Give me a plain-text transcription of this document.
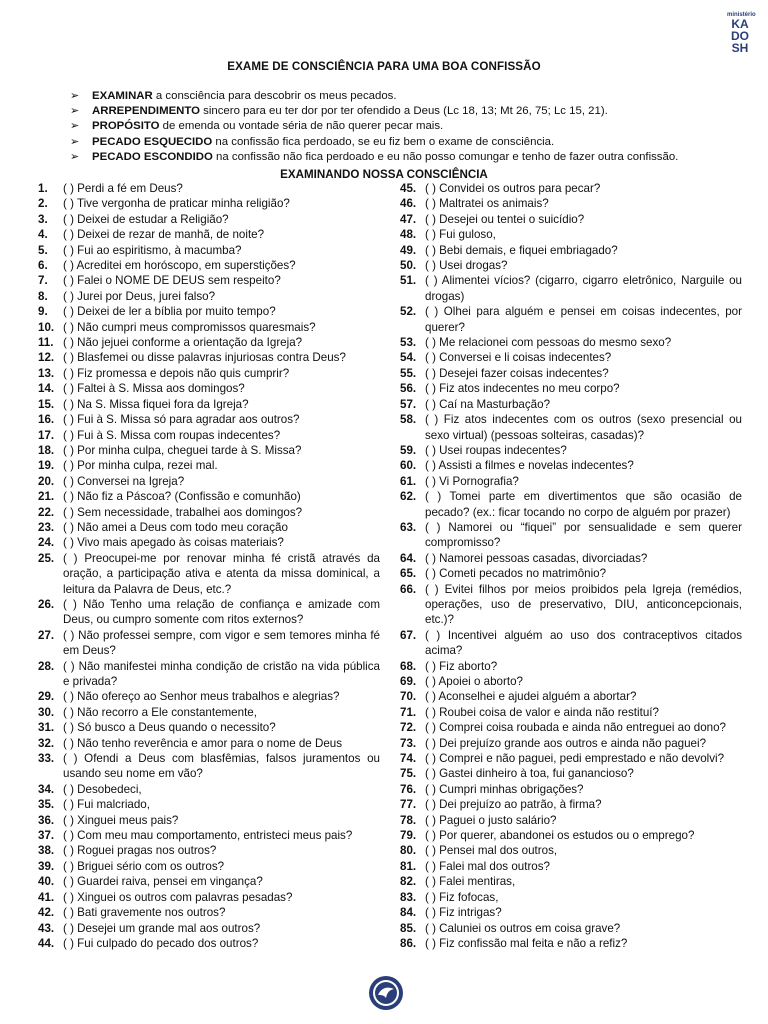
ministério
KA
DO
SH
EXAME DE CONSCIÊNCIA PARA UMA BOA CONFISSÃO
➢ EXAMINAR a consciência para descobrir os meus pecados.
➢ ARREPENDIMENTO sincero para eu ter dor por ter ofendido a Deus (Lc 18, 13; Mt 26, 75; Lc 15, 21).
➢ PROPÓSITO de emenda ou vontade séria de não querer pecar mais.
➢ PECADO ESQUECIDO na confissão fica perdoado, se eu fiz bem o exame de consciência.
➢ PECADO ESCONDIDO na confissão não fica perdoado e eu não posso comungar e tenho de fazer outra confissão.
EXAMINANDO NOSSA CONSCIÊNCIA
1. ( ) Perdi a fé em Deus?
2. ( ) Tive vergonha de praticar minha religião?
3. ( ) Deixei de estudar a Religião?
4. ( ) Deixei de rezar de manhã, de noite?
5. ( ) Fui ao espiritismo, à macumba?
6. ( ) Acreditei em horóscopo, em superstições?
7. ( ) Falei o NOME DE DEUS sem respeito?
8. ( ) Jurei por Deus, jurei falso?
9. ( ) Deixei de ler a bíblia por muito tempo?
10. ( ) Não cumpri meus compromissos quaresmais?
11. ( ) Não jejuei conforme a orientação da Igreja?
12. ( ) Blasfemei ou disse palavras injuriosas contra Deus?
13. ( ) Fiz promessa e depois não quis cumprir?
14. ( ) Faltei à S. Missa aos domingos?
15. ( ) Na S. Missa fiquei fora da Igreja?
16. ( ) Fui à S. Missa só para agradar aos outros?
17. ( ) Fui à S. Missa com roupas indecentes?
18. ( ) Por minha culpa, cheguei tarde à S. Missa?
19. ( ) Por minha culpa, rezei mal.
20. ( ) Conversei na Igreja?
21. ( ) Não fiz a Páscoa? (Confissão e comunhão)
22. ( ) Sem necessidade, trabalhei aos domingos?
23. ( ) Não amei a Deus com todo meu coração
24. ( ) Vivo mais apegado às coisas materiais?
25. ( ) Preocupei-me por renovar minha fé cristã através da oração, a participação ativa e atenta da missa dominical, a leitura da Palavra de Deus, etc.?
26. ( ) Não Tenho uma relação de confiança e amizade com Deus, ou cumpro somente com ritos externos?
27. ( ) Não professei sempre, com vigor e sem temores minha fé em Deus?
28. ( ) Não manifestei minha condição de cristão na vida pública e privada?
29. ( ) Não ofereço ao Senhor meus trabalhos e alegrias?
30. ( ) Não recorro a Ele constantemente,
31. ( ) Só busco a Deus quando o necessito?
32. ( ) Não tenho reverência e amor para o nome de Deus
33. ( ) Ofendi a Deus com blasfêmias, falsos juramentos ou usando seu nome em vão?
34. ( ) Desobedeci,
35. ( ) Fui malcriado,
36. ( ) Xinguei meus pais?
37. ( ) Com meu mau comportamento, entristeci meus pais?
38. ( ) Roguei pragas nos outros?
39. ( ) Briguei sério com os outros?
40. ( ) Guardei raiva, pensei em vingança?
41. ( ) Xinguei os outros com palavras pesadas?
42. ( ) Bati gravemente nos outros?
43. ( ) Desejei um grande mal aos outros?
44. ( ) Fui culpado do pecado dos outros?
45. ( ) Convidei os outros para pecar?
46. ( ) Maltratei os animais?
47. ( ) Desejei ou tentei o suicídio?
48. ( ) Fui guloso,
49. ( ) Bebi demais, e fiquei embriagado?
50. ( ) Usei drogas?
51. ( ) Alimentei vícios? (cigarro, cigarro eletrônico, Narguile ou drogas)
52. ( ) Olhei para alguém e pensei em coisas indecentes, por querer?
53. ( ) Me relacionei com pessoas do mesmo sexo?
54. ( ) Conversei e li coisas indecentes?
55. ( ) Desejei fazer coisas indecentes?
56. ( ) Fiz atos indecentes no meu corpo?
57. ( ) Caí na Masturbação?
58. ( ) Fiz atos indecentes com os outros (sexo presencial ou sexo virtual) (pessoas solteiras, casadas)?
59. ( ) Usei roupas indecentes?
60. ( ) Assisti a filmes e novelas indecentes?
61. ( ) Vi Pornografia?
62. ( ) Tomei parte em divertimentos que são ocasião de pecado? (ex.: ficar tocando no corpo de alguém por prazer)
63. ( ) Namorei ou “fiquei” por sensualidade e sem querer compromisso?
64. ( ) Namorei pessoas casadas, divorciadas?
65. ( ) Cometi pecados no matrimônio?
66. ( ) Evitei filhos por meios proibidos pela Igreja (remédios, operações, uso de preservativo, DIU, anticoncepcionais, etc.)?
67. ( ) Incentivei alguém ao uso dos contraceptivos citados acima?
68. ( ) Fiz aborto?
69. ( ) Apoiei o aborto?
70. ( ) Aconselhei e ajudei alguém a abortar?
71. ( ) Roubei coisa de valor e ainda não restituí?
72. ( ) Comprei coisa roubada e ainda não entreguei ao dono?
73. ( ) Dei prejuízo grande aos outros e ainda não paguei?
74. ( ) Comprei e não paguei, pedi emprestado e não devolvi?
75. ( ) Gastei dinheiro à toa, fui ganancioso?
76. ( ) Cumpri minhas obrigações?
77. ( ) Dei prejuízo ao patrão, à firma?
78. ( ) Paguei o justo salário?
79. ( ) Por querer, abandonei os estudos ou o emprego?
80. ( ) Pensei mal dos outros,
81. ( ) Falei mal dos outros?
82. ( ) Falei mentiras,
83. ( ) Fiz fofocas,
84. ( ) Fiz intrigas?
85. ( ) Caluniei os outros em coisa grave?
86. ( ) Fiz confissão mal feita e não a refiz?
